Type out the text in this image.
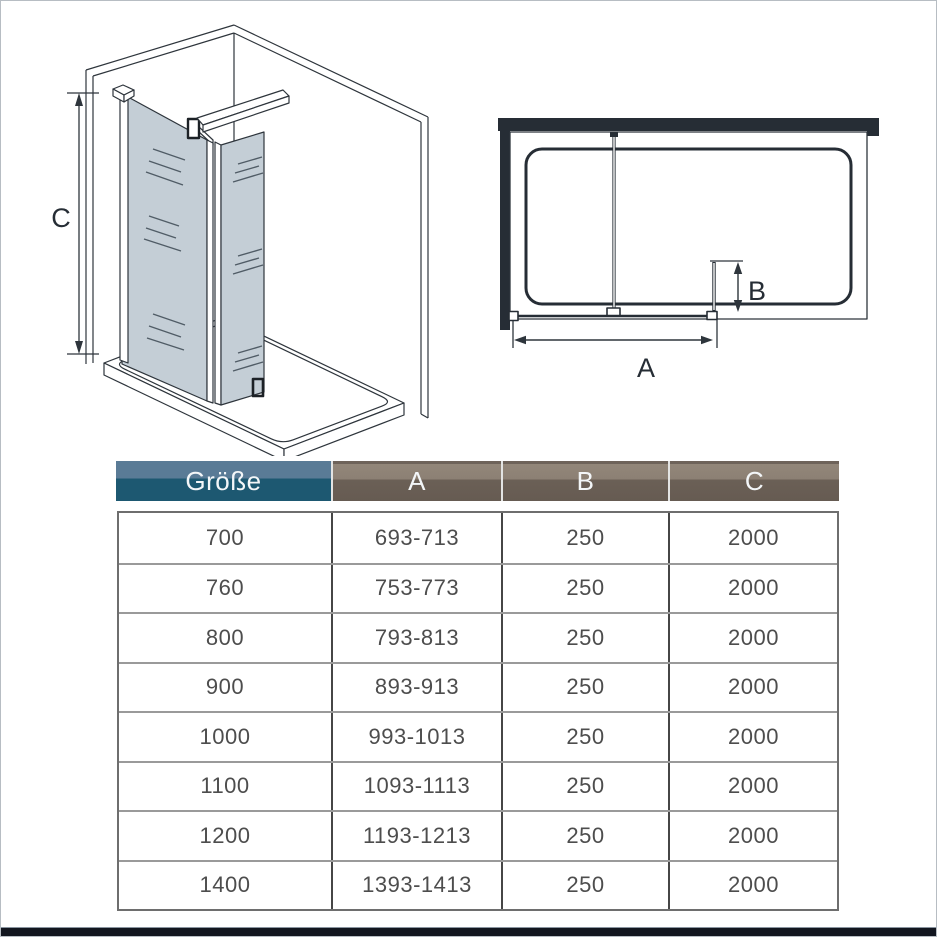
C
B
A
Größe	A	B	C
700	693-713	250	2000
760	753-773	250	2000
800	793-813	250	2000
900	893-913	250	2000
1000	993-1013	250	2000
1100	1093-1113	250	2000
1200	1193-1213	250	2000
1400	1393-1413	250	2000
